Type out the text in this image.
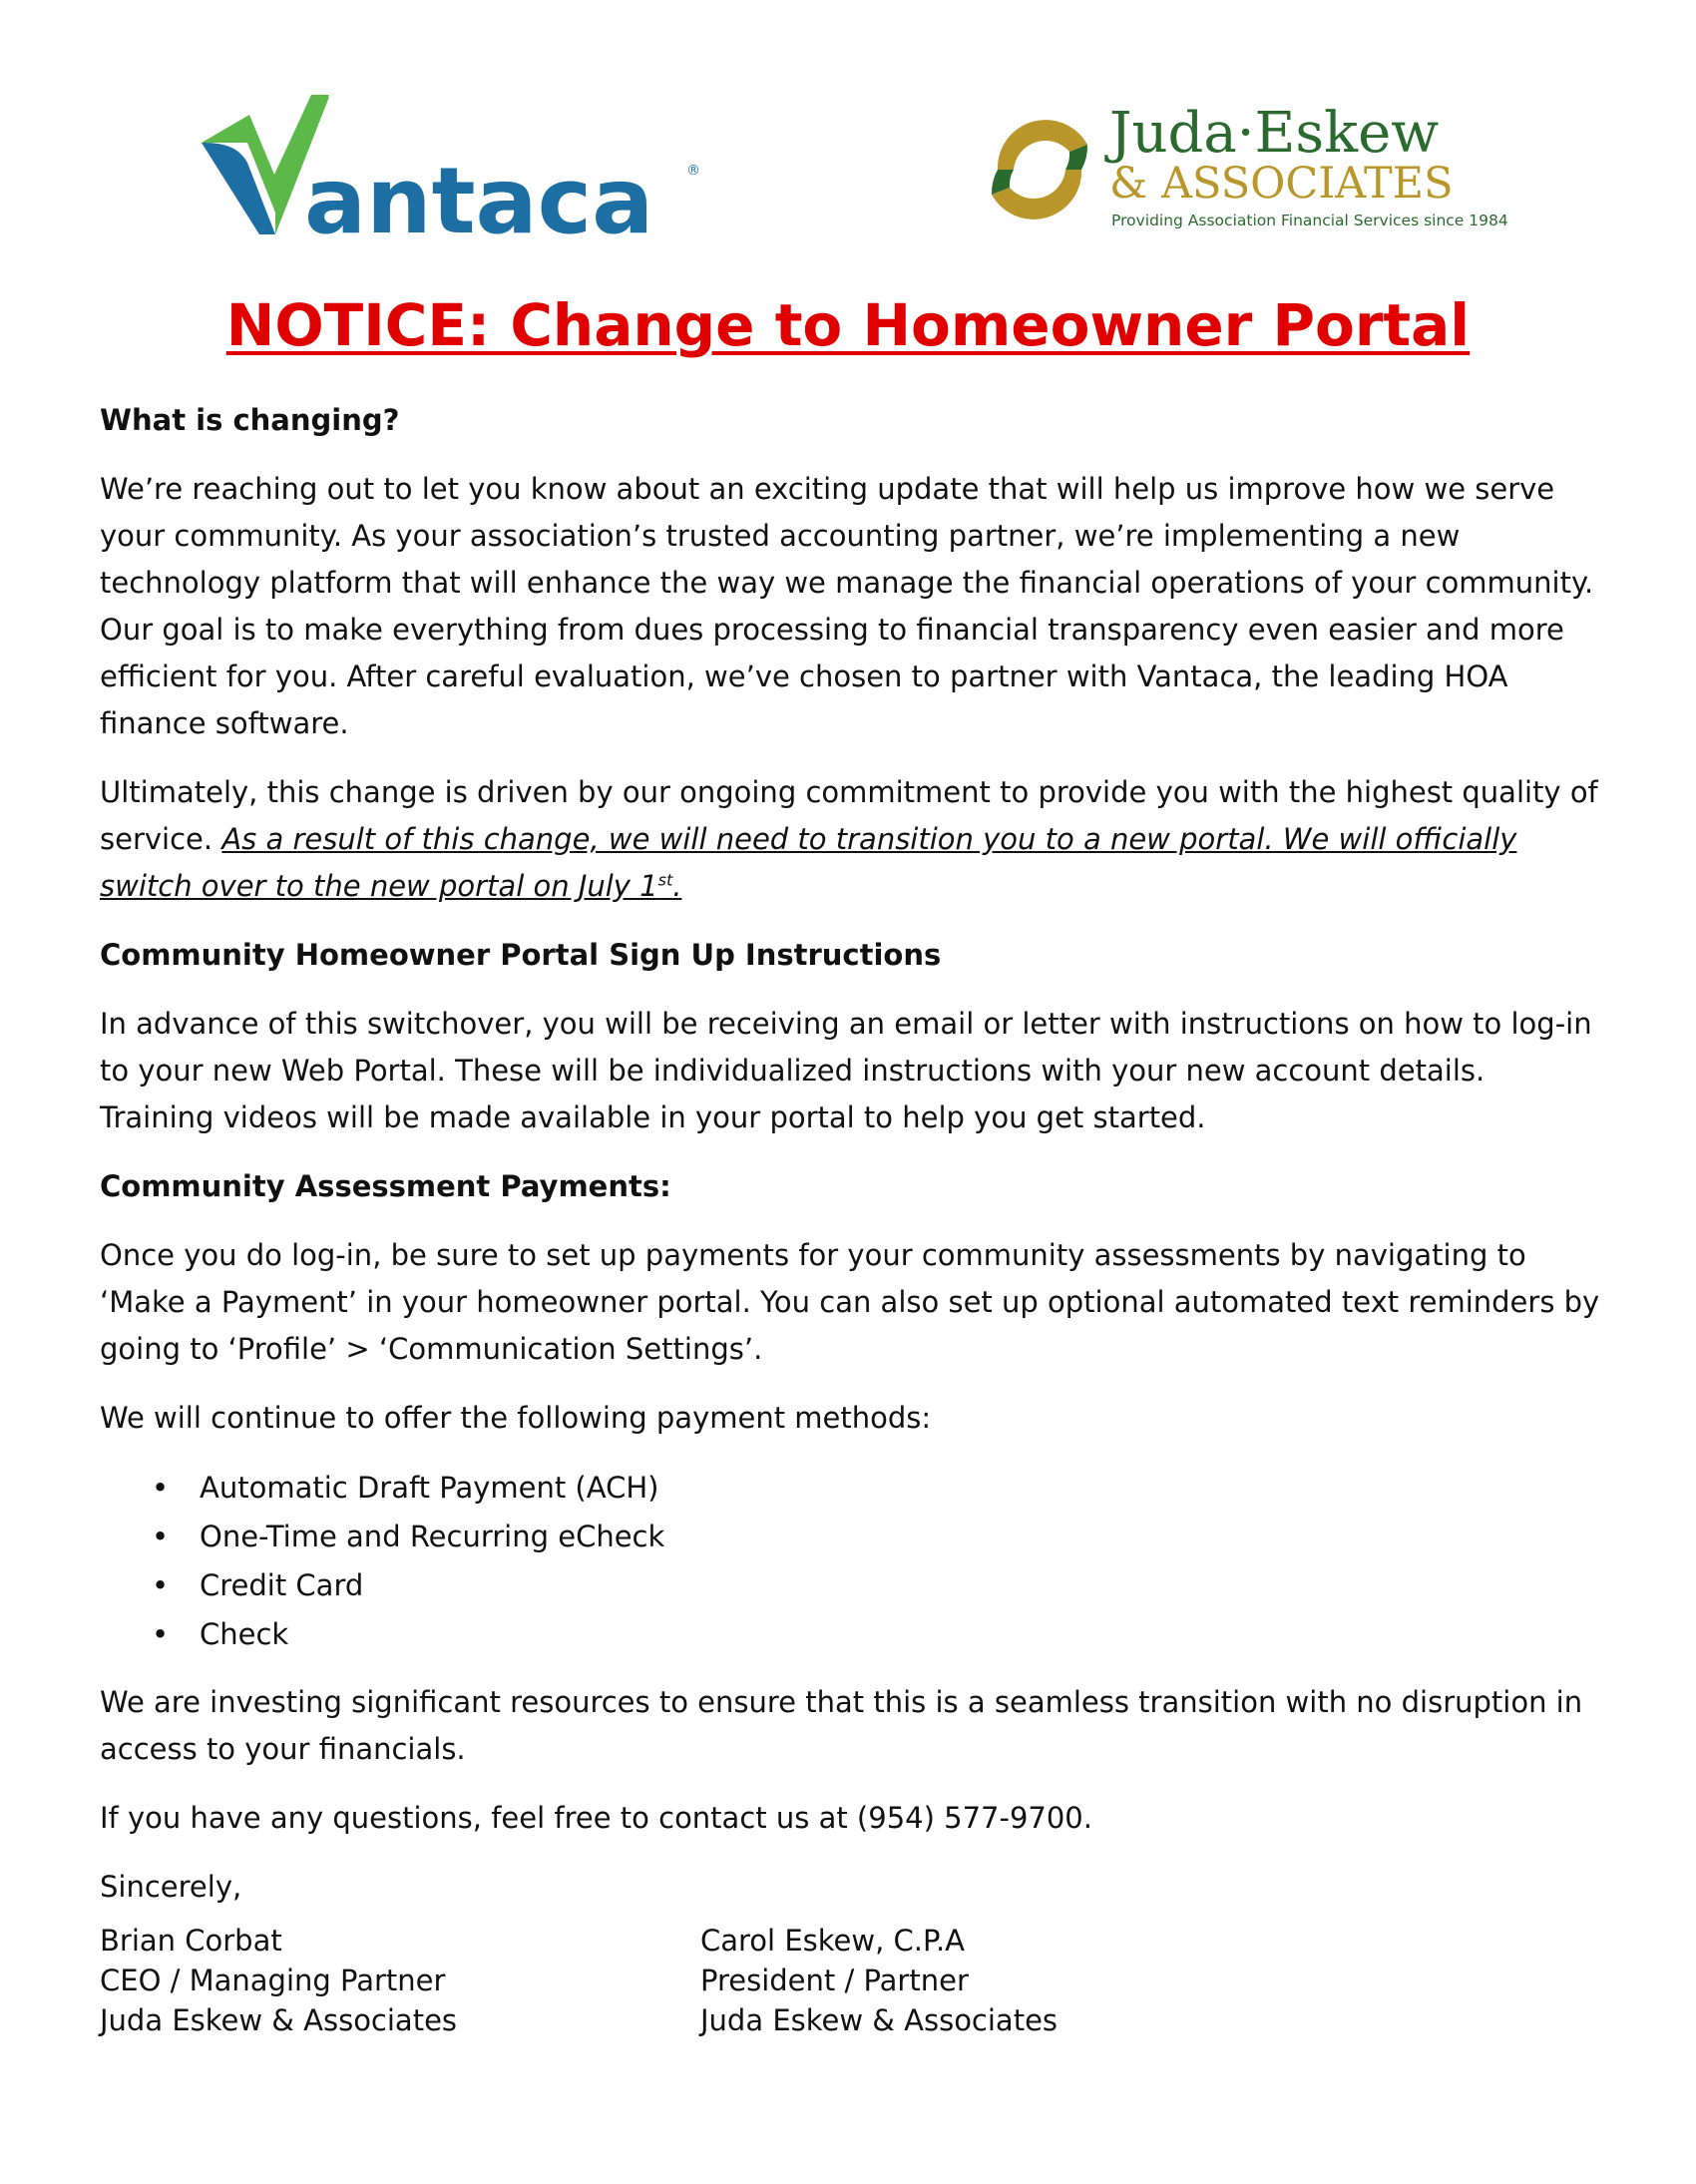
antaca ®
Juda·Eskew
& ASSOCIATES
Providing Association Financial Services since 1984
NOTICE: Change to Homeowner Portal
What is changing?

We’re reaching out to let you know about an exciting update that will help us improve how we serve your community. As your association’s trusted accounting partner, we’re implementing a new technology platform that will enhance the way we manage the financial operations of your community. Our goal is to make everything from dues processing to financial transparency even easier and more efficient for you. After careful evaluation, we’ve chosen to partner with Vantaca, the leading HOA finance software.

Ultimately, this change is driven by our ongoing commitment to provide you with the highest quality of service. As a result of this change, we will need to transition you to a new portal. We will officially switch over to the new portal on July 1st.

Community Homeowner Portal Sign Up Instructions

In advance of this switchover, you will be receiving an email or letter with instructions on how to log-in to your new Web Portal. These will be individualized instructions with your new account details. Training videos will be made available in your portal to help you get started.

Community Assessment Payments:

Once you do log-in, be sure to set up payments for your community assessments by navigating to ‘Make a Payment’ in your homeowner portal. You can also set up optional automated text reminders by going to ‘Profile’ > ‘Communication Settings’.

We will continue to offer the following payment methods:

• Automatic Draft Payment (ACH)
• One-Time and Recurring eCheck
• Credit Card
• Check

We are investing significant resources to ensure that this is a seamless transition with no disruption in access to your financials.

If you have any questions, feel free to contact us at (954) 577-9700.

Sincerely,

Brian Corbat
CEO / Managing Partner
Juda Eskew & Associates
Carol Eskew, C.P.A
President / Partner
Juda Eskew & Associates
